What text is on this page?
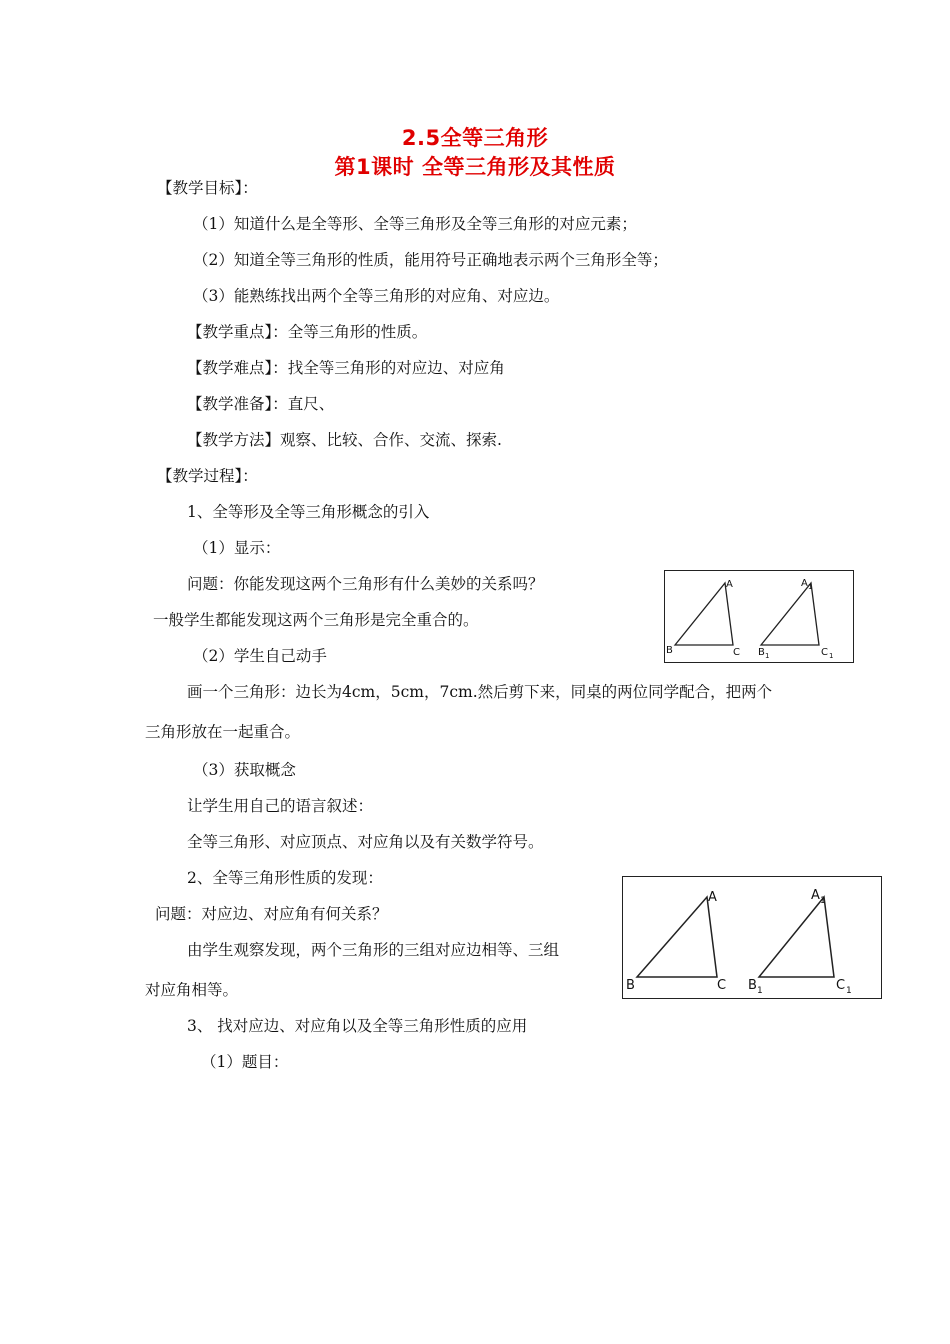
2.5全等三角形
第1课时 全等三角形及其性质
【教学目标】：
（1）知道什么是全等形、全等三角形及全等三角形的对应元素；
（2）知道全等三角形的性质，能用符号正确地表示两个三角形全等；
（3）能熟练找出两个全等三角形的对应角、对应边。
【教学重点】：全等三角形的性质。
【教学难点】：找全等三角形的对应边、对应角
【教学准备】：直尺、
【教学方法】观察、比较、合作、交流、探索.
【教学过程】：
1、全等形及全等三角形概念的引入
（1）显示：
问题：你能发现这两个三角形有什么美妙的关系吗？
一般学生都能发现这两个三角形是完全重合的。
（2）学生自己动手
画一个三角形：边长为4cm，5cm，7cm.然后剪下来，同桌的两位同学配合，把两个
三角形放在一起重合。
（3）获取概念
让学生用自己的语言叙述：
全等三角形、对应顶点、对应角以及有关数学符号。
2、全等三角形性质的发现：
问题：对应边、对应角有何关系？
由学生观察发现，两个三角形的三组对应边相等、三组
对应角相等。
3、 找对应边、对应角以及全等三角形性质的应用
（1）题目：
A
B	C
A 1
B 1	C 1
A
B	C
A 1
B 1	C 1
